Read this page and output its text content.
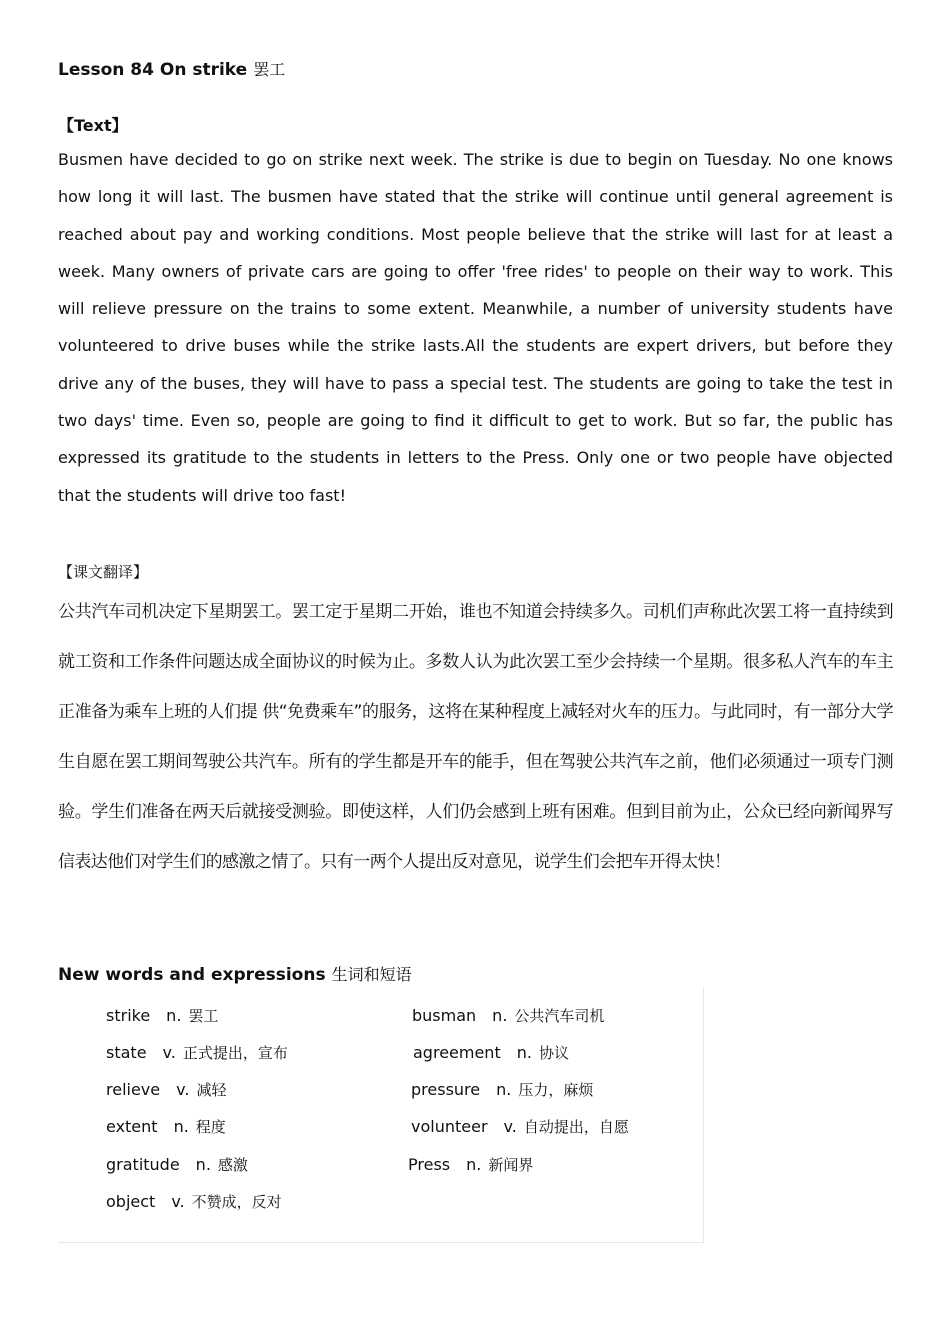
Lesson 84 On strike 罢工
【Text】

Busmen have decided to go on strike next week. The strike is due to begin on Tuesday. No one knows how long it will last. The busmen have stated that the strike will continue until general agreement is reached about pay and working conditions. Most people believe that the strike will last for at least a week. Many owners of private cars are going to offer 'free rides' to people on their way to work. This will relieve pressure on the trains to some extent. Meanwhile, a number of university students have volunteered to drive buses while the strike lasts.All the students are expert drivers, but before they drive any of the buses, they will have to pass a special test. The students are going to take the test in two days' time. Even so, people are going to find it difficult to get to work. But so far, the public has expressed its gratitude to the students in letters to the Press. Only one or two people have objected that the students will drive too fast!

【课文翻译】

公共汽车司机决定下星期罢工。罢工定于星期二开始，谁也不知道会持续多久。司机们声称此次罢工将一直持续到就工资和工作条件问题达成全面协议的时候为止。多数人认为此次罢工至少会持续一个星期。很多私人汽车的车主正准备为乘车上班的人们提 供“免费乘车”的服务，这将在某种程度上减轻对火车的压力。与此同时，有一部分大学生自愿在罢工期间驾驶公共汽车。所有的学生都是开车的能手，但在驾驶公共汽车之前，他们必须通过一项专门测验。学生们准备在两天后就接受测验。即使这样，人们仍会感到上班有困难。但到目前为止，公众已经向新闻界写信表达他们对学生们的感激之情了。只有一两个人提出反对意见，说学生们会把车开得太快！

New words and expressions 生词和短语
strike n. 罢工	busman n. 公共汽车司机
state v. 正式提出，宣布	agreement n. 协议
relieve v. 减轻	pressure n. 压力，麻烦
extent n. 程度	volunteer v. 自动提出，自愿
gratitude n. 感激	Press n. 新闻界
object v. 不赞成，反对
